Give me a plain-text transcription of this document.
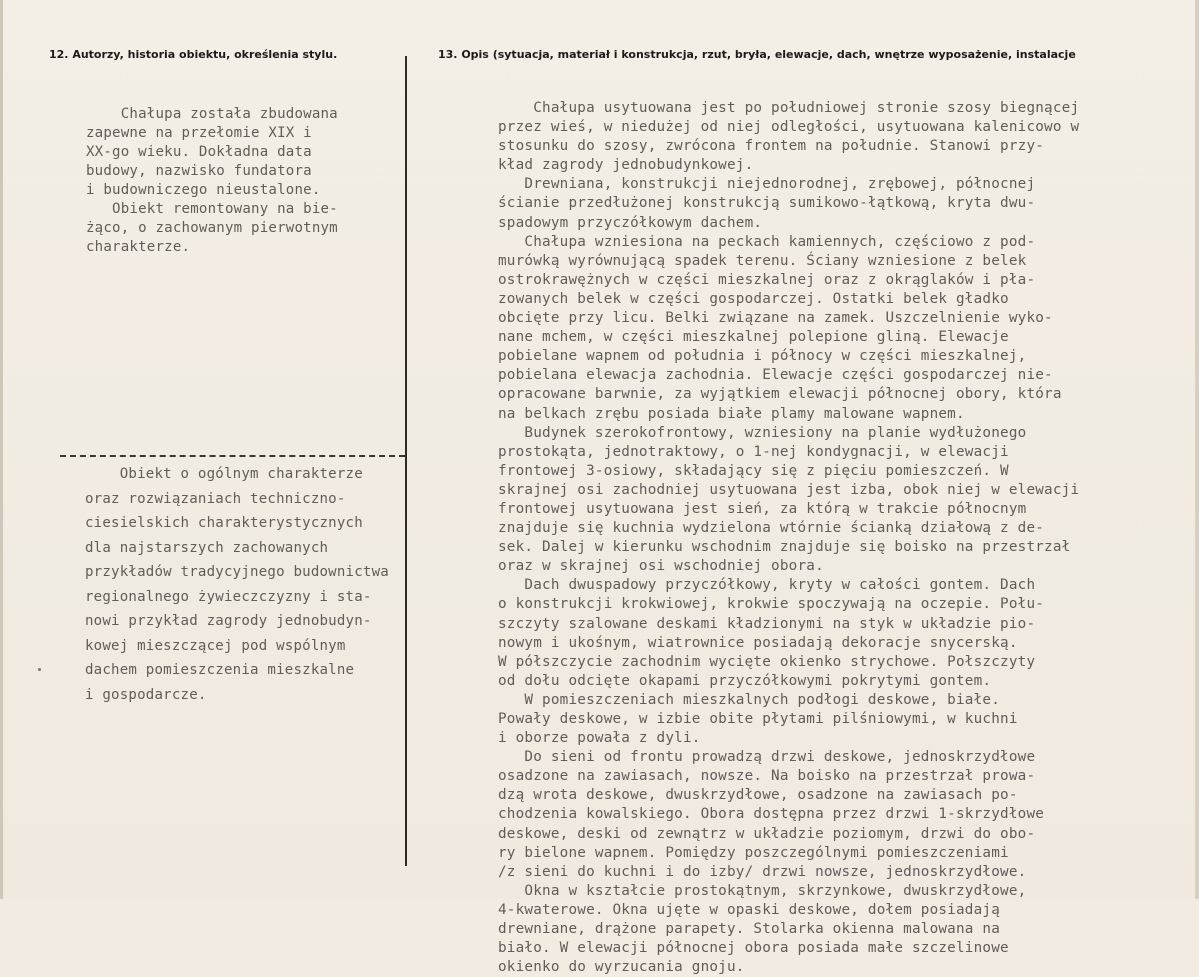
12. Autorzy, historia obiektu, określenia stylu.	13. Opis (sytuacja, materiał i konstrukcja, rzut, bryła, elewacje, dach, wnętrze wyposażenie, instalacje
Chałupa została zbudowana
zapewne na przełomie XIX i
XX-go wieku. Dokładna data
budowy, nazwisko fundatora
i budowniczego nieustalone.
Obiekt remontowany na bie-
żąco, o zachowanym pierwotnym
charakterze.
Obiekt o ogólnym charakterze
oraz rozwiązaniach techniczno-
ciesielskich charakterystycznych
dla najstarszych zachowanych
przykładów tradycyjnego budownictwa
regionalnego żywieczczyzny i sta-
nowi przykład zagrody jednobudyn-
kowej mieszczącej pod wspólnym
dachem pomieszczenia mieszkalne
i gospodarcze.
Chałupa usytuowana jest po południowej stronie szosy biegnącej
przez wieś, w niedużej od niej odległości, usytuowana kalenicowo w
stosunku do szosy, zwrócona frontem na południe. Stanowi przy-
kład zagrody jednobudynkowej.
Drewniana, konstrukcji niejednorodnej, zrębowej, północnej
ścianie przedłużonej konstrukcją sumikowo-łątkową, kryta dwu-
spadowym przyczółkowym dachem.
Chałupa wzniesiona na peckach kamiennych, częściowo z pod-
murówką wyrównującą spadek terenu. Ściany wzniesione z belek
ostrokrawężnych w części mieszkalnej oraz z okrąglaków i pła-
zowanych belek w części gospodarczej. Ostatki belek gładko
obcięte przy licu. Belki związane na zamek. Uszczelnienie wyko-
nane mchem, w części mieszkalnej polepione gliną. Elewacje
pobielane wapnem od południa i północy w części mieszkalnej,
pobielana elewacja zachodnia. Elewacje części gospodarczej nie-
opracowane barwnie, za wyjątkiem elewacji północnej obory, która
na belkach zrębu posiada białe plamy malowane wapnem.
Budynek szerokofrontowy, wzniesiony na planie wydłużonego
prostokąta, jednotraktowy, o 1-nej kondygnacji, w elewacji
frontowej 3-osiowy, składający się z pięciu pomieszczeń. W
skrajnej osi zachodniej usytuowana jest izba, obok niej w elewacji
frontowej usytuowana jest sień, za którą w trakcie północnym
znajduje się kuchnia wydzielona wtórnie ścianką działową z de-
sek. Dalej w kierunku wschodnim znajduje się boisko na przestrzał
oraz w skrajnej osi wschodniej obora.
Dach dwuspadowy przyczółkowy, kryty w całości gontem. Dach
o konstrukcji krokwiowej, krokwie spoczywają na oczepie. Połu-
szczyty szalowane deskami kładzionymi na styk w układzie pio-
nowym i ukośnym, wiatrownice posiadają dekoracje snycerską.
W półszczycie zachodnim wycięte okienko strychowe. Połszczyty
od dołu odcięte okapami przyczółkowymi pokrytymi gontem.
W pomieszczeniach mieszkalnych podłogi deskowe, białe.
Powały deskowe, w izbie obite płytami pilśniowymi, w kuchni
i oborze powała z dyli.
Do sieni od frontu prowadzą drzwi deskowe, jednoskrzydłowe
osadzone na zawiasach, nowsze. Na boisko na przestrzał prowa-
dzą wrota deskowe, dwuskrzydłowe, osadzone na zawiasach po-
chodzenia kowalskiego. Obora dostępna przez drzwi 1-skrzydłowe
deskowe, deski od zewnątrz w układzie poziomym, drzwi do obo-
ry bielone wapnem. Pomiędzy poszczególnymi pomieszczeniami
/z sieni do kuchni i do izby/ drzwi nowsze, jednoskrzydłowe.
Okna w kształcie prostokątnym, skrzynkowe, dwuskrzydłowe,
4-kwaterowe. Okna ujęte w opaski deskowe, dołem posiadają
drewniane, drążone parapety. Stolarka okienna malowana na
biało. W elewacji północnej obora posiada małe szczelinowe
okienko do wyrzucania gnoju.
